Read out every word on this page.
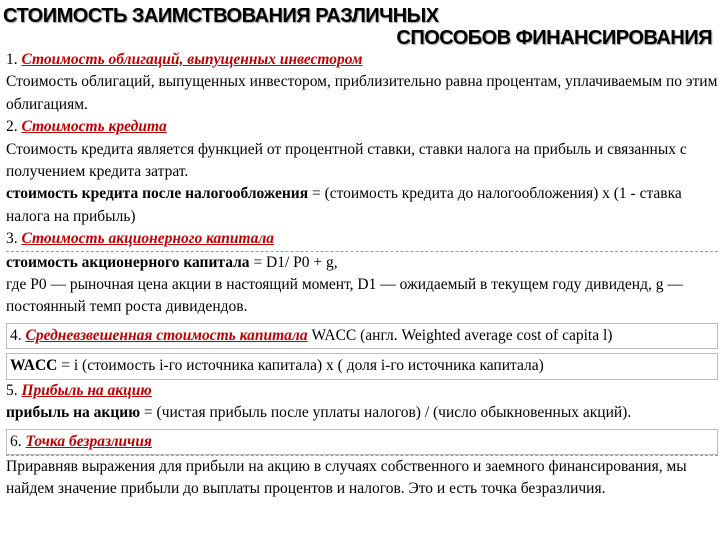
СТОИМОСТЬ ЗАИМСТВОВАНИЯ РАЗЛИЧНЫХ
СПОСОБОВ ФИНАНСИРОВАНИЯ

1. Стоимость облигаций, выпущенных инвестором

Стоимость облигаций, выпущенных инвестором, приблизительно равна процентам, уплачиваемым по этим облигациям.

2. Стоимость кредита

Стоимость кредита является функцией от процентной ставки, ставки налога на прибыль и связанных с получением кредита затрат.

стоимость кредита после налогообложения = (стоимость кредита до налогообложения) х (1 - ставка налога на прибыль)

3. Стоимость акционерного капитала

стоимость акционерного капитала = D1/ P0 + g,

где P0 — рыночная цена акции в настоящий момент, D1 — ожидаемый в текущем году дивиденд, g — постоянный темп роста дивидендов.

4. Средневзвешенная стоимость капитала WACC (англ. Weighted average cost of capita l)

WACC = i (стоимость i-го источника капитала) х ( доля i-го источника капитала)

5. Прибыль на акцию

прибыль на акцию = (чистая прибыль после уплаты налогов) / (число обыкновенных акций).

6. Точка безразличия

Приравняв выражения для прибыли на акцию в случаях собственного и заемного финансирования, мы найдем значение прибыли до выплаты процентов и налогов. Это и есть точка безразличия.
